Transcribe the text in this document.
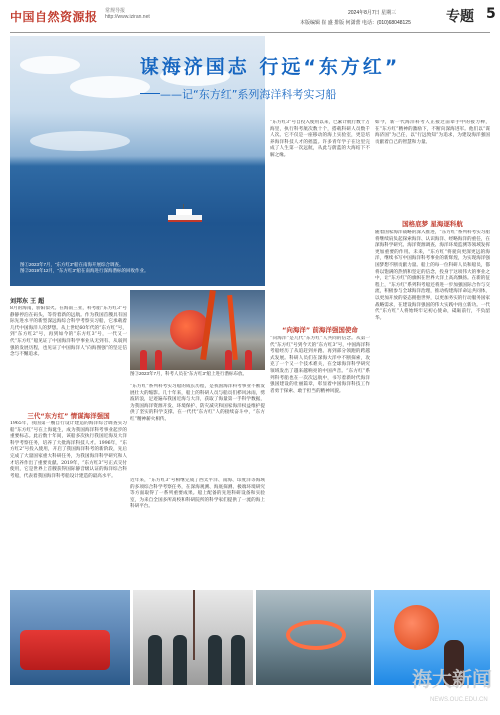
中国自然资源报 常规导报
http://www.iziran.net
2024年8月7日 星期三
本版编辑 崔 盛 排版 何潇蕾 电话：(010)68048125	专题 5
谋海济国志 行远“东方红”
——记“东方红”系列海洋科考实习船
图①2023年7月，“东方红3”船在南海开展综合调查。
图②2019年12月，“东方红3”船在南海进行深海潜标的回收作业。
图③2023年7月，科考人员在“东方红3”船上进行潜标布放。
刘邦东 王 超
8月的海南，骄阳似火。在海南三亚，科考船“东方红3”号静静停泊在码头，等待着新的远航。作为我国首艘具有国际先进水平的新型深远海综合科学考察实习船，它承载着几代中国海洋人的梦想。从上世纪60年代的“东方红”号，到“东方红2”号，再到如今的“东方红3”号，一代又一代“东方红”船见证了中国海洋科学事业从无到有、从弱到强的发展历程，也见证了中国海洋人“向海图强”的坚定信念与不懈追求。
三代“东方红” 情谋海洋强国
1965年，我国第一艘自行设计建造的海洋综合调查实习船“东方红”号在上海诞生，成为我国海洋科考事业起步的重要标志。此后数十年间，该船多次执行我国近海及大洋科学考察任务，培养了大批海洋科技人才。1996年，“东方红2”号投入使用，开启了我国海洋科考的新阶段，先后完成了大量国家重大科研任务，为我国海洋科学研究和人才培养作出了重要贡献。2019年，“东方红3”号正式交付使用，它是世界上首艘获得国际静音级认证的海洋综合科考船，代表着我国海洋科考船设计建造的最高水平。
“东方红”系列科考实习船的成长历程，是我国海洋科考事业不断发展壮大的缩影。几十年来，船上的科研人员与船员们栉风沐雨，劈波斩浪，足迹遍布我国近海与大洋，获取了海量第一手科学数据，为我国海洋资源开发、环境保护、防灾减灾和国家海洋权益维护提供了坚实的科学支撑。在一代代“东方红”人的接续奋斗中，“东方红”精神薪火相传。
近年来，“东方红3”号相继完成了西太平洋、南海、印度洋等海域的多项综合科学考察任务，在深海观测、海底探测、极端环境研究等方面取得了一系列重要成果。船上配备的先进科研设备和实验室，为来自全国多所高校和科研院所的科学家们提供了一流的海上科研平台。
“东方红3”号自投入使用以来，已累计航行数十万海里，执行科考航次数十个，搭载科研人员数千人次。它不仅是一座移动的海上实验室，更是培养海洋科技人才的摇篮。许多青年学子在这里完成了人生第一次远航，从此与蔚蓝的大海结下不解之缘。
“向海洋” 前海洋强国使命
“向海洋”是几代“东方红”人共同的信念。从第一代“东方红”号到今天的“东方红3”号，中国海洋科考船经历了从追赶到并跑、再到部分领跑的跨越式发展。科研人员们在深海大洋中不断探索，攻克了一个又一个技术难关，在全球海洋科学研究领域发出了越来越响亮的中国声音。“东方红”系列科考船也在一次次远航中，书写着新时代海洋强国建设的壮丽篇章，彰显着中国海洋科技工作者勇于探索、敢于担当的精神风貌。
如今，新一代海洋科考人正接过前辈手中的接力棒，在“东方红”精神的激励下，不断向深海进军。他们以“谋海济国”为己任，以“行远致知”为追求，为建设海洋强国贡献着自己的智慧和力量。
国格底梦 星海逐科航
随着国家海洋战略的深入推进，“东方红”系列科考实习船将继续肩负起探索海洋、认识海洋、经略海洋的重任，在深海科学研究、海洋资源调查、海洋环境监测等领域发挥更加重要的作用。未来，“东方红”将驶向更深更远的海洋，继续书写中国海洋科考事业的新辉煌，为实现海洋强国梦想不断贡献力量。船上的每一位科研人员和船员，都将以饱满的热情和坚定的信念，投身于这项伟大的事业之中，让“东方红”的旗帜在世界大洋上高高飘扬。在新的征程上，“东方红”系列科考船还将进一步加强国际合作与交流，积极参与全球海洋治理，推动构建海洋命运共同体，以更加开放的姿态拥抱世界，以更加务实的行动服务国家战略需求，在建设海洋强国的伟大实践中再立新功。一代代“东方红”人将始终牢记初心使命，砥砺前行，不负韶华。
海大新闻
NEWS.OUC.EDU.CN
